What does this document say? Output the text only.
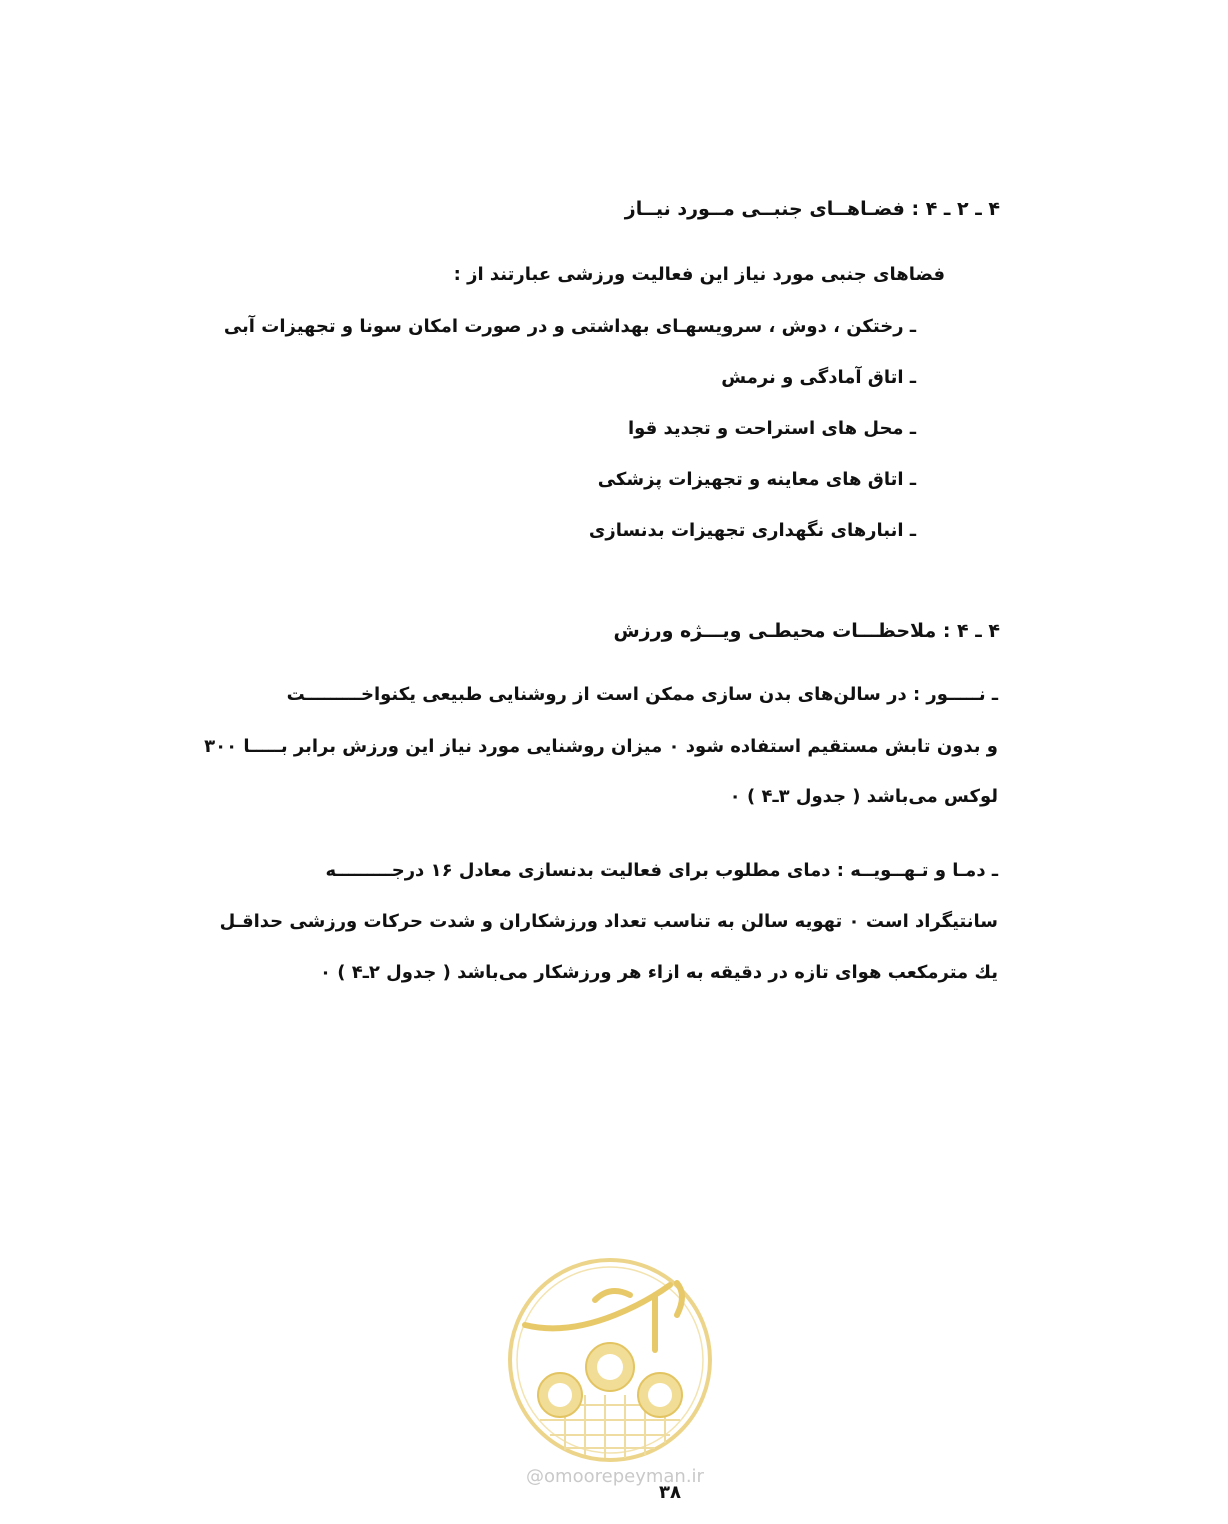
۴ ـ ۲ ـ ۴ : فضـاهــای جنبــی مــورد نیــاز
فضاهای جنبی مورد نیاز این فعالیت ورزشی عبارتند از :
ـ رختکن ، دوش ، سرویسهـای بهداشتی و در صورت امکان سونا و تجهیزات آبی
ـ اتاق آمادگی و نرمش
ـ محل های استراحت و تجدید قوا
ـ اتاق های معاینه و تجهیزات پزشکی
ـ انبارهای نگهداری تجهیزات بدنسازی
۴ ـ ۴ : ملاحظـــات محیطـی ویـــژه ورزش
ـ نـــــور : در سالن‌های بدن سازی ممکن است از روشنایی طبیعی یکنواخـــــــــت
و بدون تابش مستقیم استفاده شود ۰ میزان روشنایی مورد نیاز این ورزش برابر بـــــا ۳۰۰
لوکس می‌باشد ( جدول ۳ـ۴ ) ۰
ـ دمـا و تـهــویــه : دمای مطلوب برای فعالیت بدنسازی معادل ۱۶ درجـــــــــه
سانتیگراد است ۰ تهویه سالن به تناسب تعداد ورزشکاران و شدت حرکات ورزشی حداقـل
یك مترمکعب هوای تازه در دقیقه به ازاء هر ورزشکار می‌باشد ( جدول ۲ـ۴ ) ۰
@omoorepeyman.ir
۳۸
